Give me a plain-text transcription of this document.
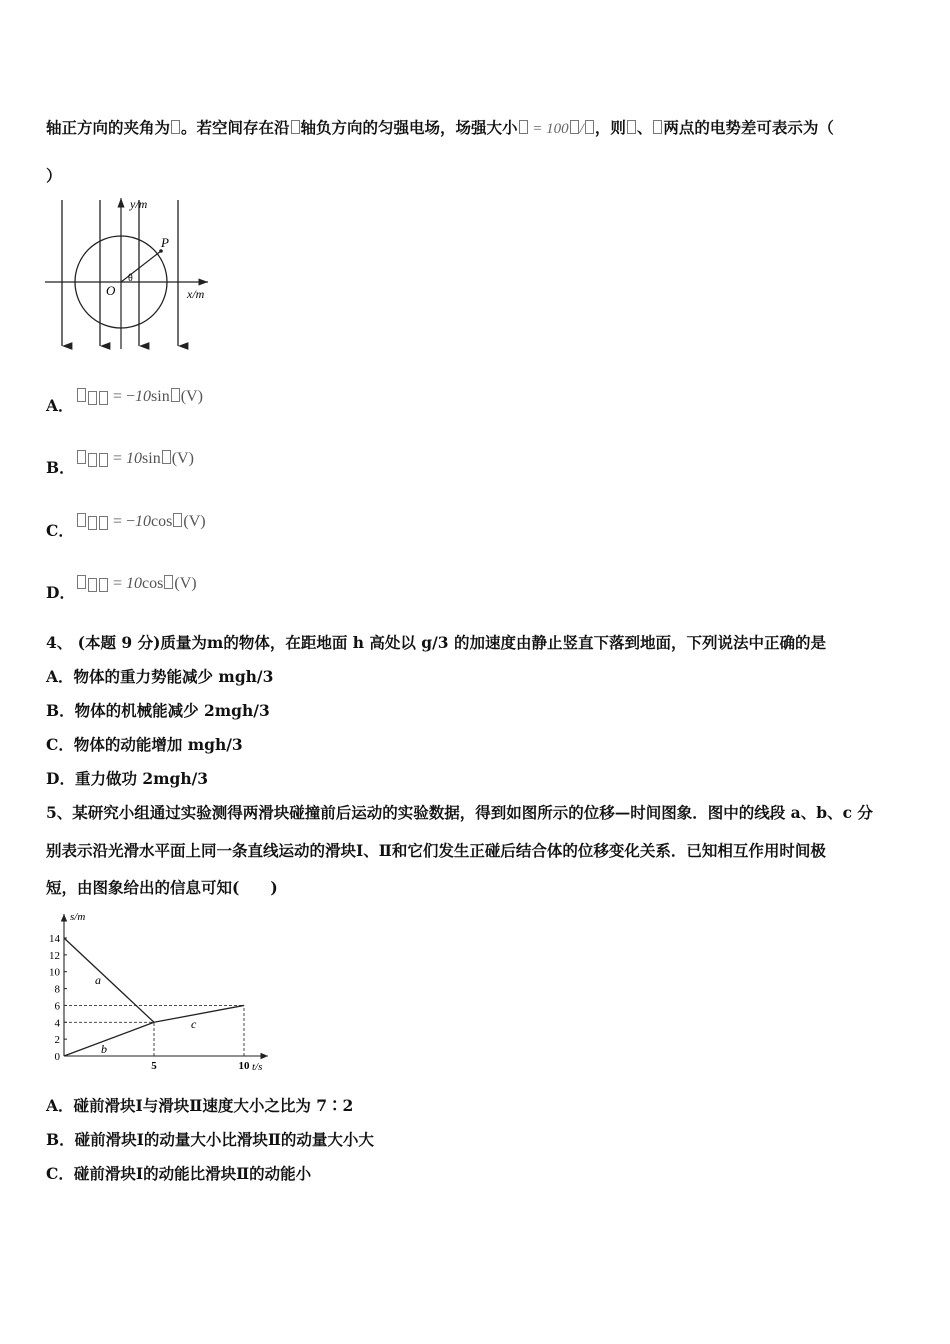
轴正方向的夹角为 。若空间存在沿 轴负方向的匀强电场，场强大小 = 100 / ，则 、 两点的电势差可表示为（
）
y/m
x/m
O
P
θ
A．	= −10sin (V)
B．	= 10sin (V)
C．	= −10cos (V)
D．	= 10cos (V)
4、 (本题 9 分)质量为m的物体，在距地面 h 高处以 g/3 的加速度由静止竖直下落到地面，下列说法中正确的是
A．物体的重力势能减少 mgh/3
B．物体的机械能减少 2mgh/3
C．物体的动能增加 mgh/3
D．重力做功 2mgh/3
5、某研究小组通过实验测得两滑块碰撞前后运动的实验数据，得到如图所示的位移—时间图象．图中的线段 a、b、c 分
别表示沿光滑水平面上同一条直线运动的滑块Ⅰ、Ⅱ和它们发生正碰后结合体的位移变化关系．已知相互作用时间极
短，由图象给出的信息可知(　　)
s/m
t/s
0
2
4
6
8
10
12
14
5	10
a
b
c
A．碰前滑块Ⅰ与滑块Ⅱ速度大小之比为 7∶2
B．碰前滑块Ⅰ的动量大小比滑块Ⅱ的动量大小大
C．碰前滑块Ⅰ的动能比滑块Ⅱ的动能小
